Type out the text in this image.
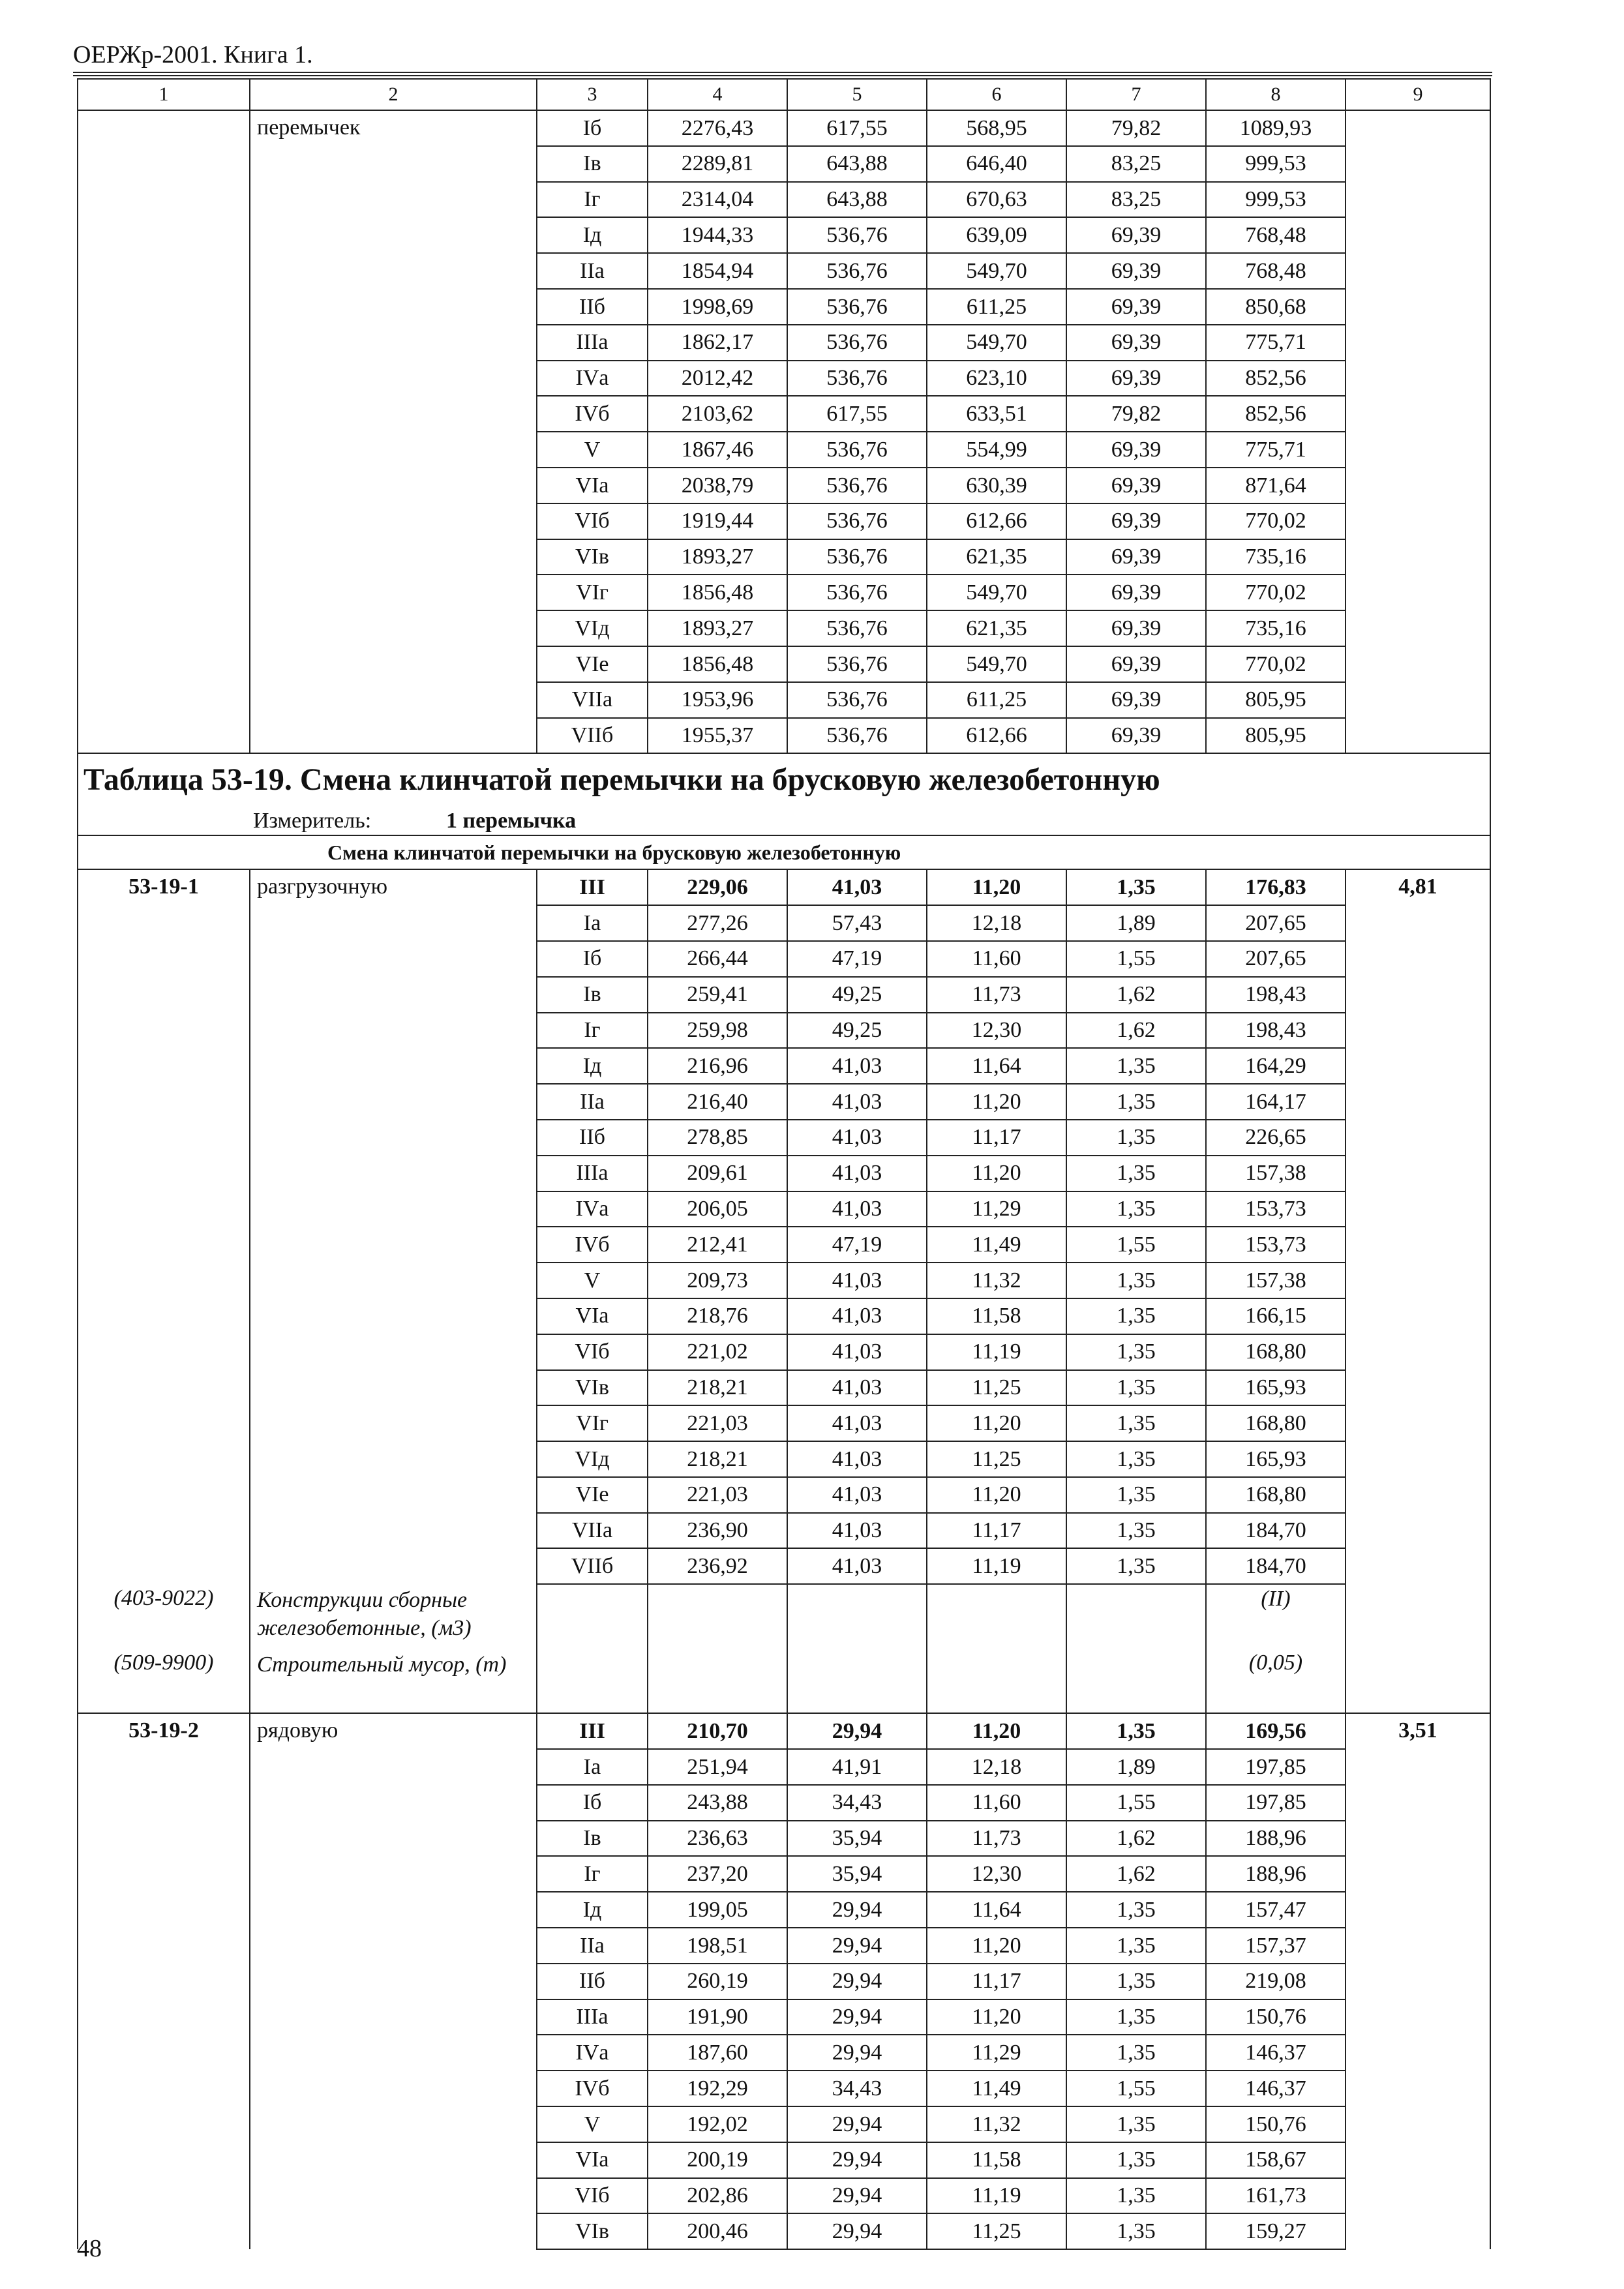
ОЕРЖр-2001. Книга 1.
1	2	3	4	5	6	7	8	9
	перемычек	Iб	2276,43	617,55	568,95	79,82	1089,93	
		Iв	2289,81	643,88	646,40	83,25	999,53	
		Iг	2314,04	643,88	670,63	83,25	999,53	
		Iд	1944,33	536,76	639,09	69,39	768,48	
		IIа	1854,94	536,76	549,70	69,39	768,48	
		IIб	1998,69	536,76	611,25	69,39	850,68	
		IIIа	1862,17	536,76	549,70	69,39	775,71	
		IVа	2012,42	536,76	623,10	69,39	852,56	
		IVб	2103,62	617,55	633,51	79,82	852,56	
		V	1867,46	536,76	554,99	69,39	775,71	
		VIа	2038,79	536,76	630,39	69,39	871,64	
		VIб	1919,44	536,76	612,66	69,39	770,02	
		VIв	1893,27	536,76	621,35	69,39	735,16	
		VIг	1856,48	536,76	549,70	69,39	770,02	
		VIд	1893,27	536,76	621,35	69,39	735,16	
		VIе	1856,48	536,76	549,70	69,39	770,02	
		VIIа	1953,96	536,76	611,25	69,39	805,95	
		VIIб	1955,37	536,76	612,66	69,39	805,95	
Таблица 53-19. Смена клинчатой перемычки на брусковую железобетонную								
Измеритель: 1 перемычка								
Смена клинчатой перемычки на брусковую железобетонную								
53-19-1	разгрузочную	III	229,06	41,03	11,20	1,35	176,83	4,81
		Iа	277,26	57,43	12,18	1,89	207,65	
		Iб	266,44	47,19	11,60	1,55	207,65	
		Iв	259,41	49,25	11,73	1,62	198,43	
		Iг	259,98	49,25	12,30	1,62	198,43	
		Iд	216,96	41,03	11,64	1,35	164,29	
		IIа	216,40	41,03	11,20	1,35	164,17	
		IIб	278,85	41,03	11,17	1,35	226,65	
		IIIа	209,61	41,03	11,20	1,35	157,38	
		IVа	206,05	41,03	11,29	1,35	153,73	
		IVб	212,41	47,19	11,49	1,55	153,73	
		V	209,73	41,03	11,32	1,35	157,38	
		VIа	218,76	41,03	11,58	1,35	166,15	
		VIб	221,02	41,03	11,19	1,35	168,80	
		VIв	218,21	41,03	11,25	1,35	165,93	
		VIг	221,03	41,03	11,20	1,35	168,80	
		VIд	218,21	41,03	11,25	1,35	165,93	
		VIе	221,03	41,03	11,20	1,35	168,80	
		VIIа	236,90	41,03	11,17	1,35	184,70	
		VIIб	236,92	41,03	11,19	1,35	184,70	
(403-9022)	Конструкции сборные железобетонные, (м3)						(II)	
(509-9900)	Строительный мусор, (т)						(0,05)	
53-19-2	рядовую	III	210,70	29,94	11,20	1,35	169,56	3,51
		Iа	251,94	41,91	12,18	1,89	197,85	
		Iб	243,88	34,43	11,60	1,55	197,85	
		Iв	236,63	35,94	11,73	1,62	188,96	
		Iг	237,20	35,94	12,30	1,62	188,96	
		Iд	199,05	29,94	11,64	1,35	157,47	
		IIа	198,51	29,94	11,20	1,35	157,37	
		IIб	260,19	29,94	11,17	1,35	219,08	
		IIIа	191,90	29,94	11,20	1,35	150,76	
		IVа	187,60	29,94	11,29	1,35	146,37	
		IVб	192,29	34,43	11,49	1,55	146,37	
		V	192,02	29,94	11,32	1,35	150,76	
		VIа	200,19	29,94	11,58	1,35	158,67	
		VIб	202,86	29,94	11,19	1,35	161,73	
		VIв	200,46	29,94	11,25	1,35	159,27	
48
